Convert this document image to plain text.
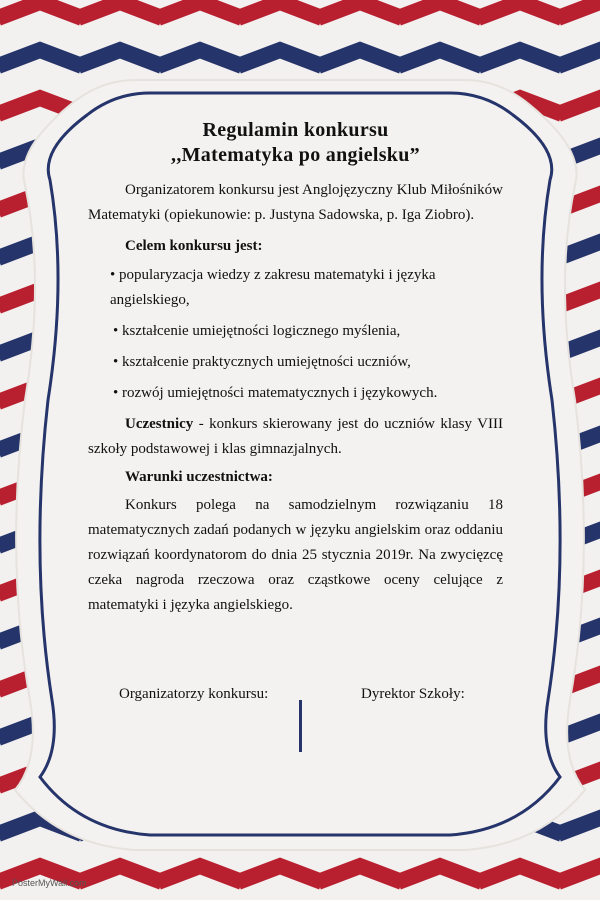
Regulamin konkursu
,,Matematyka po angielsku”

Organizatorem konkursu jest Anglojęzyczny Klub Miłośników Matematyki (opiekunowie: p. Justyna Sadowska, p. Iga Ziobro).

Celem konkursu jest:

• popularyzacja wiedzy z zakresu matematyki i języka angielskiego,
• kształcenie umiejętności logicznego myślenia,
• kształcenie praktycznych umiejętności uczniów,
• rozwój umiejętności matematycznych i językowych.

Uczestnicy - konkurs skierowany jest do uczniów klasy VIII szkoły podstawowej i klas gimnazjalnych.

Warunki uczestnictwa:

Konkurs polega na samodzielnym rozwiązaniu 18 matematycznych zadań podanych w języku angielskim oraz oddaniu rozwiązań koordynatorom do dnia 25 stycznia 2019r. Na zwycięzcę czeka nagroda rzeczowa oraz cząstkowe oceny celujące z matematyki i języka angielskiego.

Organizatorzy konkursu:	Dyrektor Szkoły:
PosterMyWall.com
